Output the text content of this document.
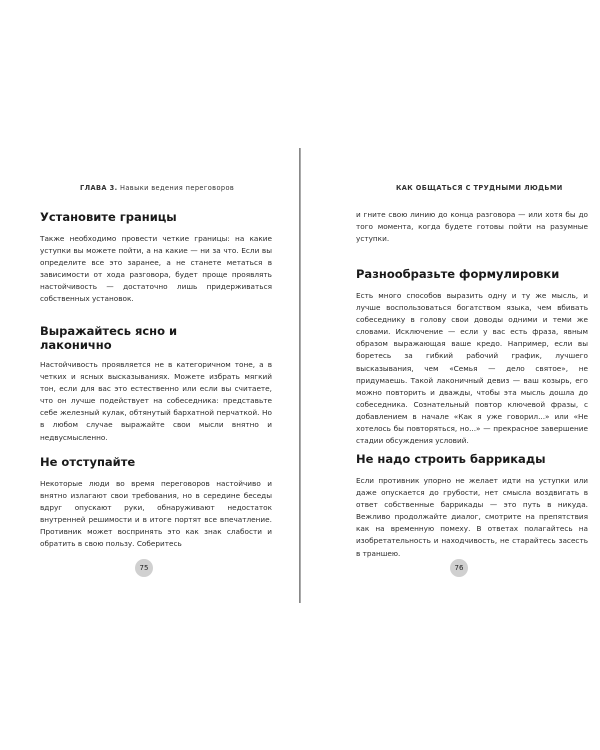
ГЛАВА 3. Навыки ведения переговоров
Установите границы

Также необходимо провести четкие границы: на какие уступки вы можете пойти, а на какие — ни за что. Если вы определите все это заранее, а не станете метаться в зависимости от хода разговора, будет проще проявлять настойчивость — достаточно лишь придерживаться собственных установок.

Выражайтесь ясно и лаконично

Настойчивость проявляется не в категоричном тоне, а в четких и ясных высказываниях. Можете избрать мягкий тон, если для вас это естественно или если вы считаете, что он лучше подействует на собеседника: представьте себе железный кулак, обтянутый бархатной перчаткой. Но в любом случае выражайте свои мысли внятно и недвусмысленно.

Не отступайте

Некоторые люди во время переговоров настойчиво и внятно излагают свои требования, но в середине беседы вдруг опускают руки, обнаруживают недостаток внутренней решимости и в итоге портят все впечатление. Противник может воспринять это как знак слабости и обратить в свою пользу. Соберитесь

75
КАК ОБЩАТЬСЯ С ТРУДНЫМИ ЛЮДЬМИ

и гните свою линию до конца разговора — или хотя бы до того момента, когда будете готовы пойти на разумные уступки.

Разнообразьте формулировки

Есть много способов выразить одну и ту же мысль, и лучше воспользоваться богатством языка, чем вбивать собеседнику в голову свои доводы одними и теми же словами. Исключение — если у вас есть фраза, явным образом выражающая ваше кредо. Например, если вы боретесь за гибкий рабочий график, лучшего высказывания, чем «Семья — дело святое», не придумаешь. Такой лаконичный девиз — ваш козырь, его можно повторить и дважды, чтобы эта мысль дошла до собеседника. Сознательный повтор ключевой фразы, с добавлением в начале «Как я уже говорил...» или «Не хотелось бы повторяться, но...» — прекрасное завершение стадии обсуждения условий.

Не надо строить баррикады

Если противник упорно не желает идти на уступки или даже опускается до грубости, нет смысла воздвигать в ответ собственные баррикады — это путь в никуда. Вежливо продолжайте диалог, смотрите на препятствия как на временную помеху. В ответах полагайтесь на изобретательность и находчивость, не старайтесь засесть в траншею.

76
